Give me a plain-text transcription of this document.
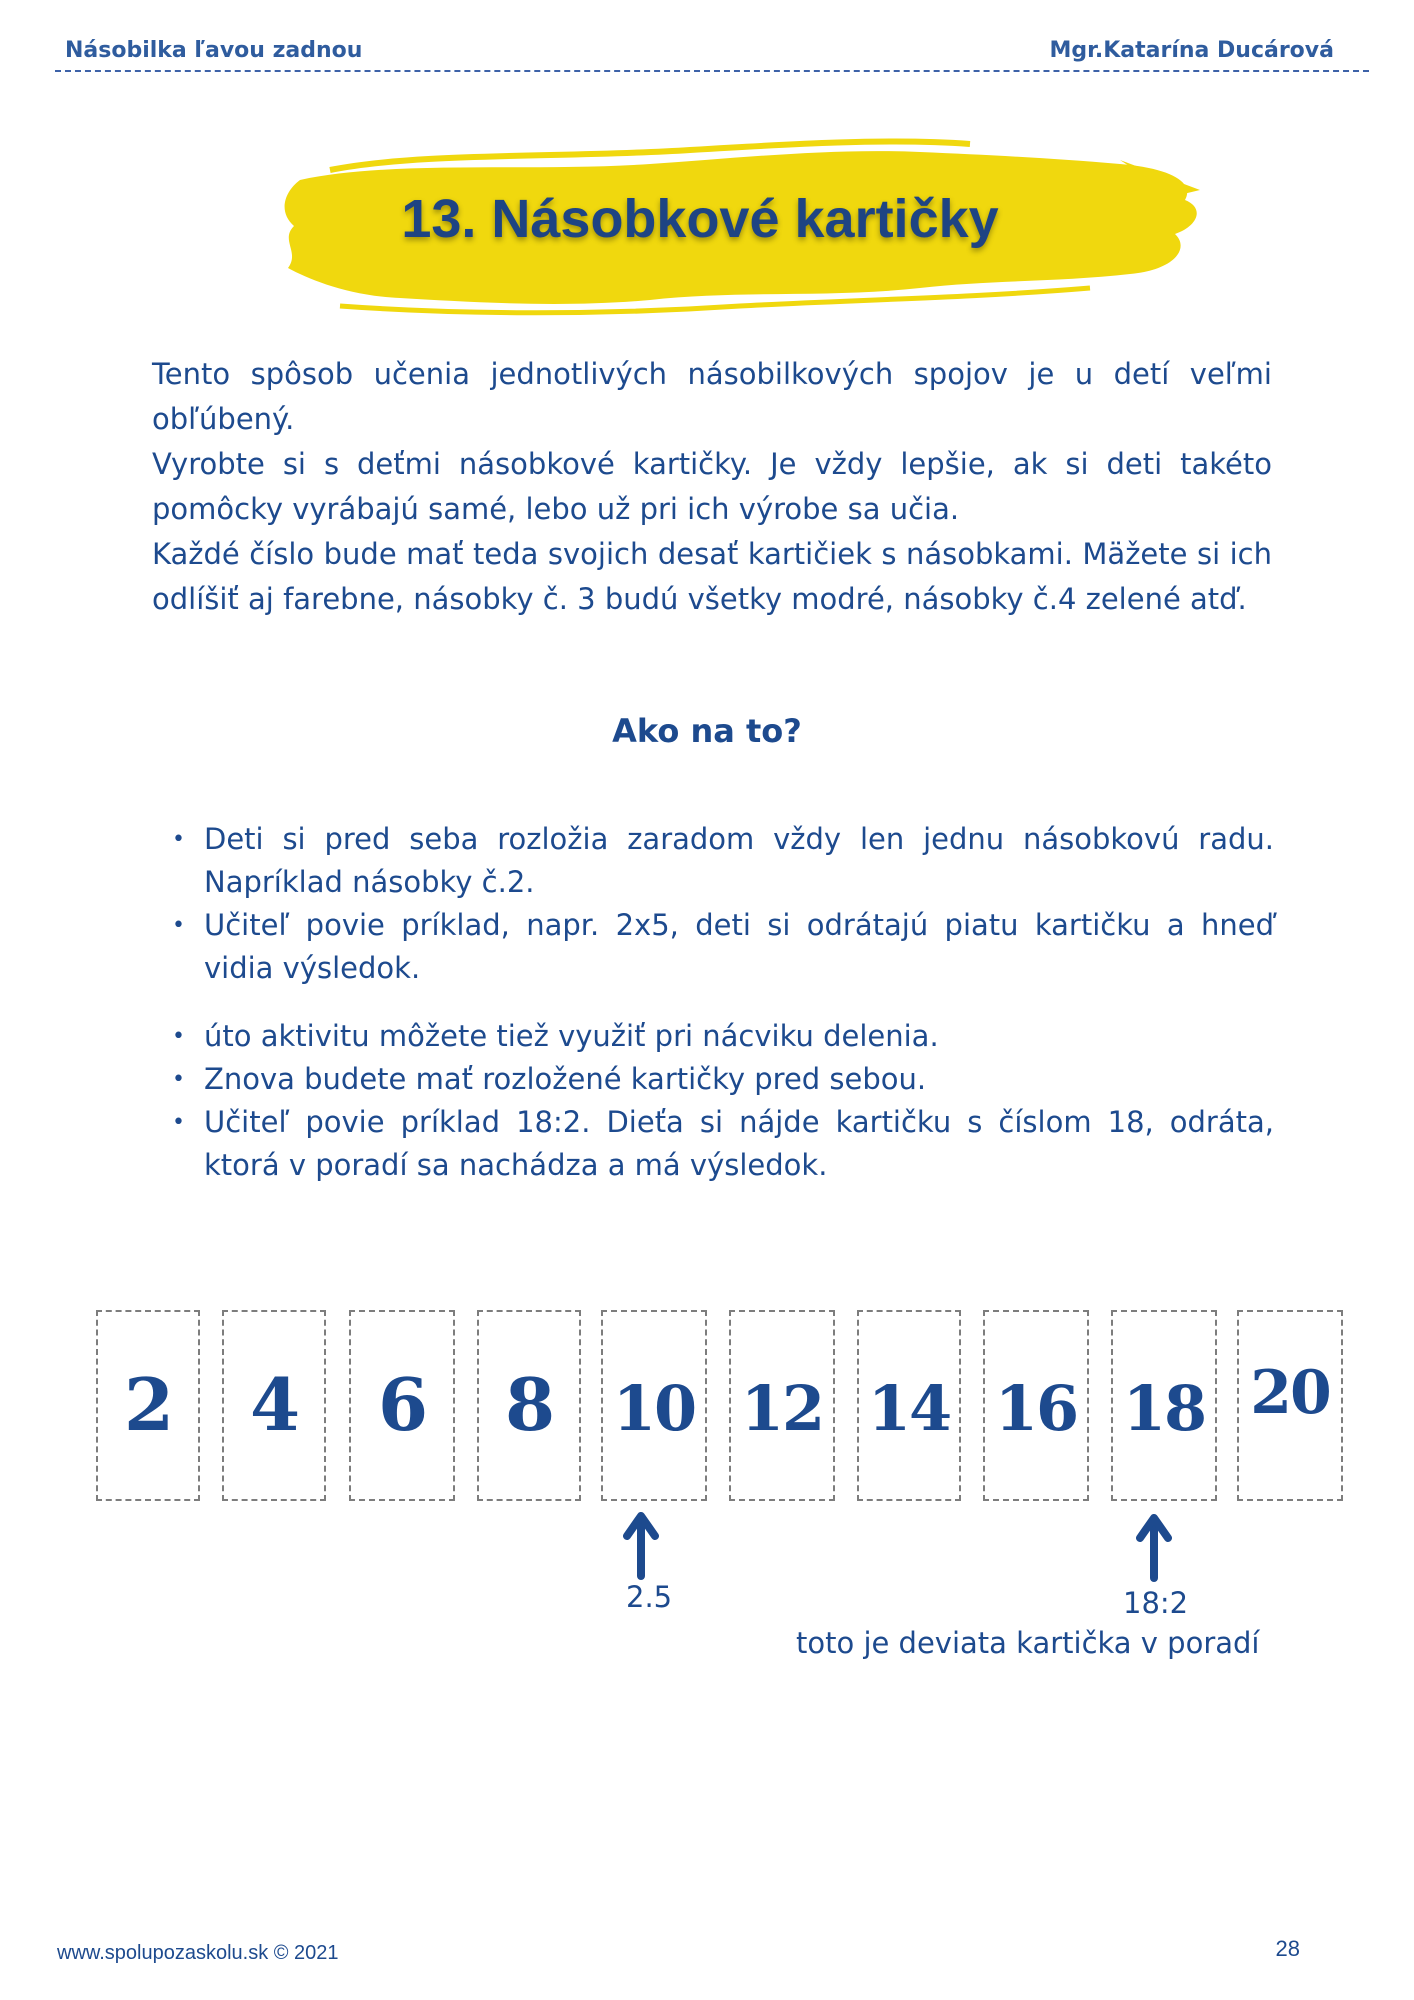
Násobilka ľavou zadnou	Mgr.Katarína Ducárová
13. Násobkové kartičky

Tento spôsob učenia jednotlivých násobilkových spojov je u detí veľmi obľúbený.

Vyrobte si s deťmi násobkové kartičky. Je vždy lepšie, ak si deti takéto pomôcky vyrábajú samé, lebo už pri ich výrobe sa učia.

Každé číslo bude mať teda svojich desať kartičiek s násobkami. Mäžete si ich odlíšiť aj farebne, násobky č. 3 budú všetky modré, násobky č.4 zelené atď.

Ako na to?
• Deti si pred seba rozložia zaradom vždy len jednu násobkovú radu. Napríklad násobky č.2.
• Učiteľ povie príklad, napr. 2x5, deti si odrátajú piatu kartičku a hneď vidia výsledok.
• úto aktivitu môžete tiež využiť pri nácviku delenia.
• Znova budete mať rozložené kartičky pred sebou.
• Učiteľ povie príklad 18:2. Dieťa si nájde kartičku s číslom 18, odráta, ktorá v poradí sa nachádza a má výsledok.
2	4	6	8 10 12 14 16 18 20
2.5	18:2
toto je deviata kartička v poradí
www.spolupozaskolu.sk © 2021	28
